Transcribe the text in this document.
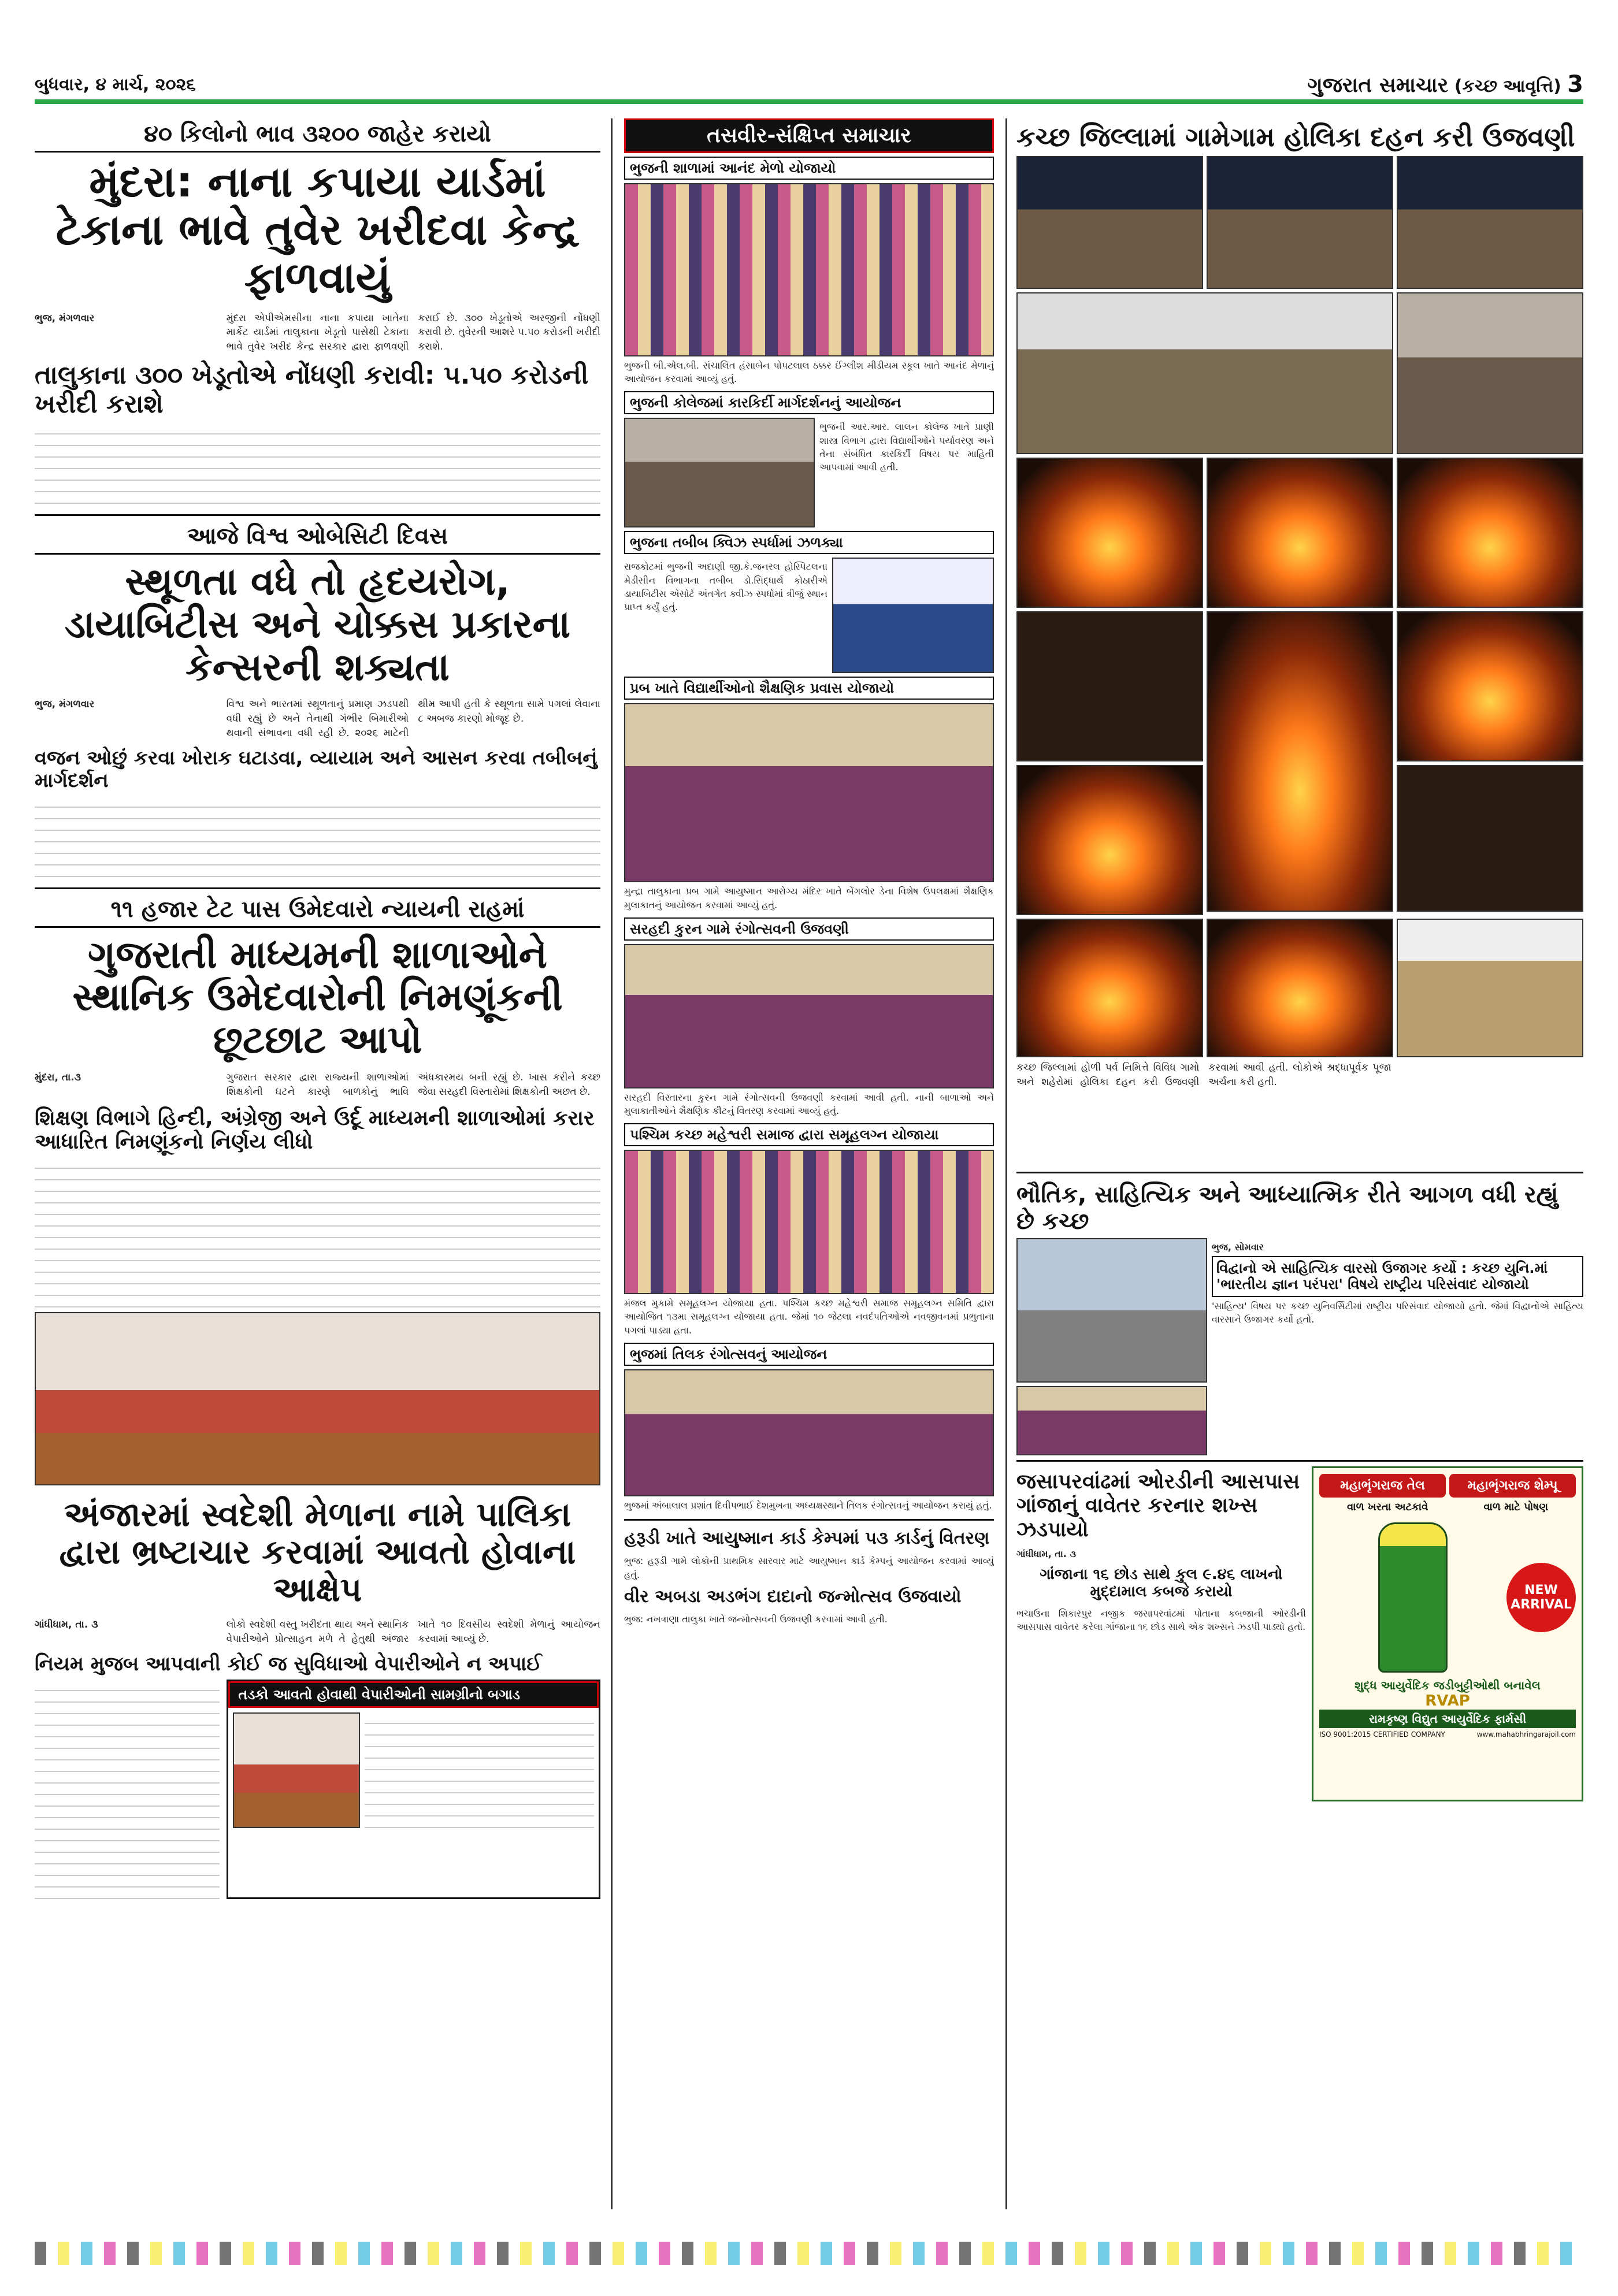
બુધવાર, ૪ માર્ચ, ૨૦૨૬	ગુજરાત સમાચાર (કચ્છ આવૃત્તિ) 3
૪૦ કિલોનો ભાવ ૩૨૦૦ જાહેર કરાયો
મુંદરા: નાના કપાયા યાર્ડમાં ટેકાના ભાવે તુવેર ખરીદવા કેન્દ્ર ફાળવાયું

ભુજ, મંગળવાર	મુંદરા એપીએમસીના નાના કપાયા ખાતેના માર્કેટ યાર્ડમાં તાલુકાના ખેડૂતો પાસેથી ટેકાના ભાવે તુવેર ખરીદ કેન્દ્ર સરકાર દ્વારા ફાળવણી કરાઈ છે. ૩૦૦ ખેડૂતોએ અરજીની નોંધણી કરાવી છે. તુવેરની આશરે ૫.૫૦ કરોડની ખરીદી કરાશે.

તાલુકાના ૩૦૦ ખેડૂતોએ નોંધણી કરાવી: ૫.૫૦ કરોડની ખરીદી કરાશે
આજે વિશ્વ ઓબેસિટી દિવસ
સ્થૂળતા વધે તો હૃદયરોગ, ડાયાબિટીસ અને ચોક્કસ પ્રકારના કેન્સરની શક્યતા

ભુજ, મંગળવાર	વિશ્વ અને ભારતમાં સ્થૂળતાનું પ્રમાણ ઝડપથી વધી રહ્યું છે અને તેનાથી ગંભીર બિમારીઓ થવાની સંભાવના વધી રહી છે. ૨૦૨૬ માટેની થીમ આપી હતી કે સ્થૂળતા સામે પગલાં લેવાના ૮ અબજ કારણો મોજૂદ છે.

વજન ઓછું કરવા ખોરાક ઘટાડવા, વ્યાયામ અને આસન કરવા તબીબનું માર્ગદર્શન
૧૧ હજાર ટેટ પાસ ઉમેદવારો ન્યાયની રાહમાં
ગુજરાતી માધ્યમની શાળાઓને સ્થાનિક ઉમેદવારોની નિમણૂંકની છૂટછાટ આપો

મુંદરા, તા.૩	ગુજરાત સરકાર દ્વારા રાજ્યની શાળાઓમાં શિક્ષકોની ઘટને કારણે બાળકોનું ભાવિ અંધકારમય બની રહ્યું છે. ખાસ કરીને કચ્છ જેવા સરહદી વિસ્તારોમાં શિક્ષકોની અછત છે.

શિક્ષણ વિભાગે હિન્દી, અંગ્રેજી અને ઉર્દૂ માધ્યમની શાળાઓમાં કરાર આધારિત નિમણૂંકનો નિર્ણય લીધો
અંજારમાં સ્વદેશી મેળાના નામે પાલિકા દ્વારા ભ્રષ્ટાચાર કરવામાં આવતો હોવાના આક્ષેપ

ગાંધીધામ, તા. ૩	લોકો સ્વદેશી વસ્તુ ખરીદતા થાય અને સ્થાનિક વેપારીઓને પ્રોત્સાહન મળે તે હેતુથી અંજાર ખાતે ૧૦ દિવસીય સ્વદેશી મેળાનું આયોજન કરવામાં આવ્યું છે.

નિયમ મુજબ આપવાની કોઈ જ સુવિધાઓ વેપારીઓને ન અપાઈ
તડકો આવતો હોવાથી વેપારીઓની સામગ્રીનો બગાડ
તસવીર-સંક્ષિપ્ત સમાચાર
ભુજની શાળામાં આનંદ મેળો યોજાયો
ભુજની બી.એલ.બી. સંચાલિત હંસાબેન પોપટલાલ ઠક્કર ઈંગ્લીશ મીડીયમ સ્કૂલ ખાતે આનંદ મેળાનું આયોજન કરવામાં આવ્યું હતું.
ભુજની કોલેજમાં કારકિર્દી માર્ગદર્શનનું આયોજન
ભુજની આર.આર. લાલન કોલેજ ખાતે પ્રાણી શાસ્ત્ર વિભાગ દ્વારા વિદ્યાર્થીઓને પર્યાવરણ અને તેના સંબંધિત કારકિર્દી વિષય પર માહિતી આપવામાં આવી હતી.
ભુજના તબીબ ક્વિઝ સ્પર્ધામાં ઝળક્યા
રાજકોટમાં ભુજની અદાણી જી.કે.જનરલ હોસ્પિટલના મેડીસીન વિભાગના તબીબ ડો.સિદ્ધાર્થ કોઠારીએ ડાયાબિટીસ એસોર્ટ અંતર્ગત ક્વીઝ સ્પર્ધામાં ત્રીજું સ્થાન પ્રાપ્ત કર્યું હતું.
પ્રબ ખાતે વિદ્યાર્થીઓનો શૈક્ષણિક પ્રવાસ યોજાયો
મુન્દ્રા તાલુકાના પ્રબ ગામે આયુષ્માન આરોગ્ય મંદિર ખાતે બેંગલોર ડેના વિશેષ ઉપલક્ષમાં શૈક્ષણિક મુલાકાતનું આયોજન કરવામાં આવ્યું હતું.
સરહદી કુરન ગામે રંગોત્સવની ઉજવણી
સરહદી વિસ્તારના કુરન ગામે રંગોત્સવની ઉજવણી કરવામાં આવી હતી. નાની બાળાઓ અને મુલાકાતીઓને શૈક્ષણિક કીટનું વિતરણ કરવામાં આવ્યું હતું.
પશ્ચિમ કચ્છ મહેશ્વરી સમાજ દ્વારા સમૂહલગ્ન યોજાયા
મંજલ મુકામે સમૂહલગ્ન યોજાયા હતા. પશ્ચિમ કચ્છ મહેશ્વરી સમાજ સમૂહલગ્ન સમિતિ દ્વારા આયોજિત ૧૩મા સમૂહલગ્ન યોજાયા હતા. જેમાં ૧૦ જેટલા નવદંપતિઓએ નવજીવનમાં પ્રભુતાના પગલાં પાડ્યા હતા.
ભુજમાં તિલક રંગોત્સવનું આયોજન
ભુજમાં અંબાલાલ પ્રશાંત દિવીપભાઈ દેશમુખના અધ્યક્ષસ્થાને તિલક રંગોત્સવનું આયોજન કરાયું હતું.
હરૂડી ખાતે આયુષ્માન કાર્ડ કેમ્પમાં ૫૩ કાર્ડનું વિતરણ
ભુજ: હરૂડી ગામે લોકોની પ્રાથમિક સારવાર માટે આયુષ્માન કાર્ડ કેમ્પનું આયોજન કરવામાં આવ્યું હતું.
વીર અબડા અડભંગ દાદાનો જન્મોત્સવ ઉજવાયો
ભુજ: નખત્રાણા તાલુકા ખાતે જન્મોત્સવની ઉજવણી કરવામાં આવી હતી.
કચ્છ જિલ્લામાં ગામેગામ હોલિકા દહન કરી ઉજવણી
કચ્છ જિલ્લામાં હોળી પર્વ નિમિત્તે વિવિધ ગામો અને શહેરોમાં હોલિકા દહન કરી ઉજવણી કરવામાં આવી હતી. લોકોએ શ્રદ્ધાપૂર્વક પૂજા અર્ચના કરી હતી.
ભૌતિક, સાહિત્યિક અને આધ્યાત્મિક રીતે આગળ વધી રહ્યું છે કચ્છ
ભુજ, સોમવાર
વિદ્વાનો એ સાહિત્યિક વારસો ઉજાગર કર્યો : કચ્છ યુનિ.માં 'ભારતીય જ્ઞાન પરંપરા' વિષયે રાષ્ટ્રીય પરિસંવાદ યોજાયો
'સાહિત્ય' વિષય પર કચ્છ યુનિવર્સિટીમાં રાષ્ટ્રીય પરિસંવાદ યોજાયો હતો. જેમાં વિદ્વાનોએ સાહિત્ય વારસાને ઉજાગર કર્યો હતો.
જસાપરવાંઢમાં ઓરડીની આસપાસ ગાંજાનું વાવેતર કરનાર શખ્સ ઝડપાયો
ગાંધીધામ, તા. ૩
ગાંજાના ૧૬ છોડ સાથે કુલ ૯.૪૬ લાખનો મુદ્દામાલ કબજે કરાયો
ભચાઉના શિકારપુર નજીક જસાપરવાંઢમાં પોતાના કબજાની ઓરડીની આસપાસ વાવેતર કરેલા ગાંજાના ૧૬ છોડ સાથે એક શખ્સને ઝડપી પાડ્યો હતો.
મહાભૃંગરાજ તેલ	મહાભૃંગરાજ શેમ્પૂ
વાળ ખરતા અટકાવે	વાળ માટે પોષણ
NEW ARRIVAL
શુદ્ધ આયુર્વેદિક જડીબુટ્ટીઓથી બનાવેલ
RVAP
રામકૃષ્ણ વિદ્યુત આયુર્વેદિક ફાર્મસી
ISO 9001:2015 CERTIFIED COMPANY	www.mahabhringarajoil.com
